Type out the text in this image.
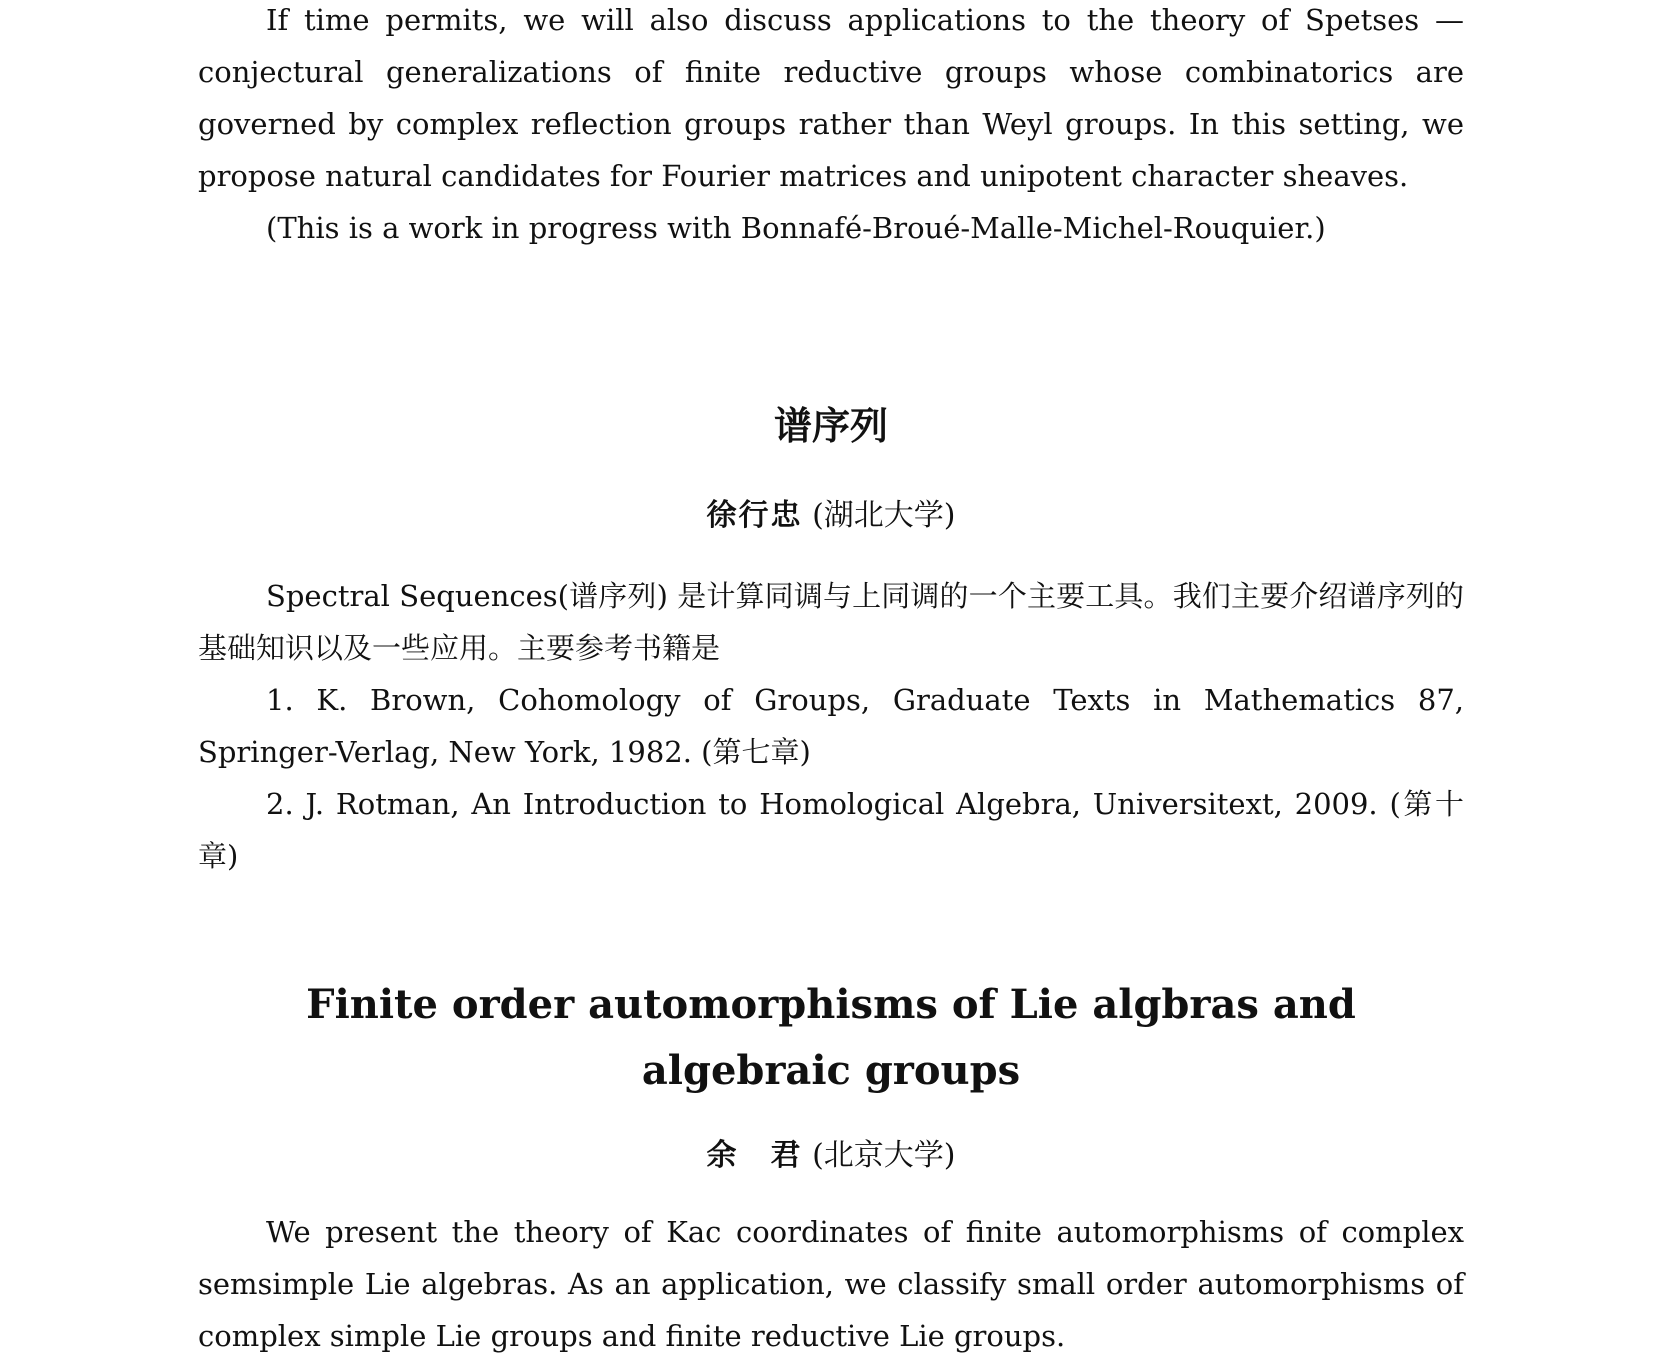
If time permits, we will also discuss applications to the theory of Spetses —conjectural generalizations of finite reductive groups whose combinatorics are governed by complex reflection groups rather than Weyl groups. In this setting, we propose natural candidates for Fourier matrices and unipotent character sheaves.

(This is a work in progress with Bonnafé-Broué-Malle-Michel-Rouquier.)

谱序列

徐行忠 (湖北大学)

Spectral Sequences(谱序列) 是计算同调与上同调的一个主要工具。我们主要介绍谱序列的基础知识以及一些应用。主要参考书籍是

1. K. Brown, Cohomology of Groups, Graduate Texts in Mathematics 87, Springer-Verlag, New York, 1982. (第七章)

2. J. Rotman, An Introduction to Homological Algebra, Universitext, 2009. (第十章)

Finite order automorphisms of Lie algbras and algebraic groups

余　君 (北京大学)

We present the theory of Kac coordinates of finite automorphisms of complex semsimple Lie algebras. As an application, we classify small order automorphisms of complex simple Lie groups and finite reductive Lie groups.
